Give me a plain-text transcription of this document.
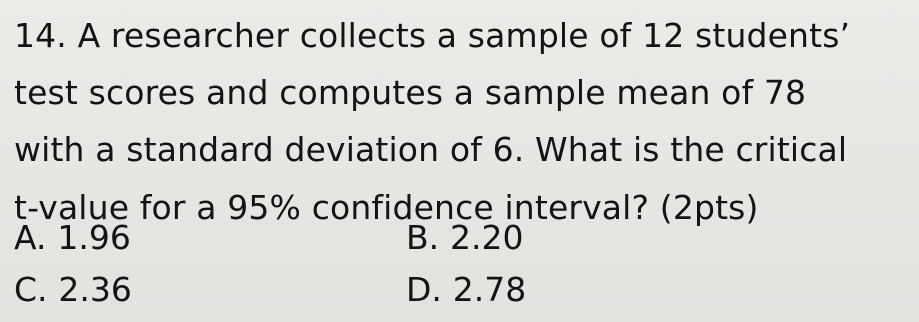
14. A researcher collects a sample of 12 students’

test scores and computes a sample mean of 78

with a standard deviation of 6. What is the critical

t-value for a 95% confidence interval? (2pts)

A. 1.96	B. 2.20
C. 2.36	D. 2.78
